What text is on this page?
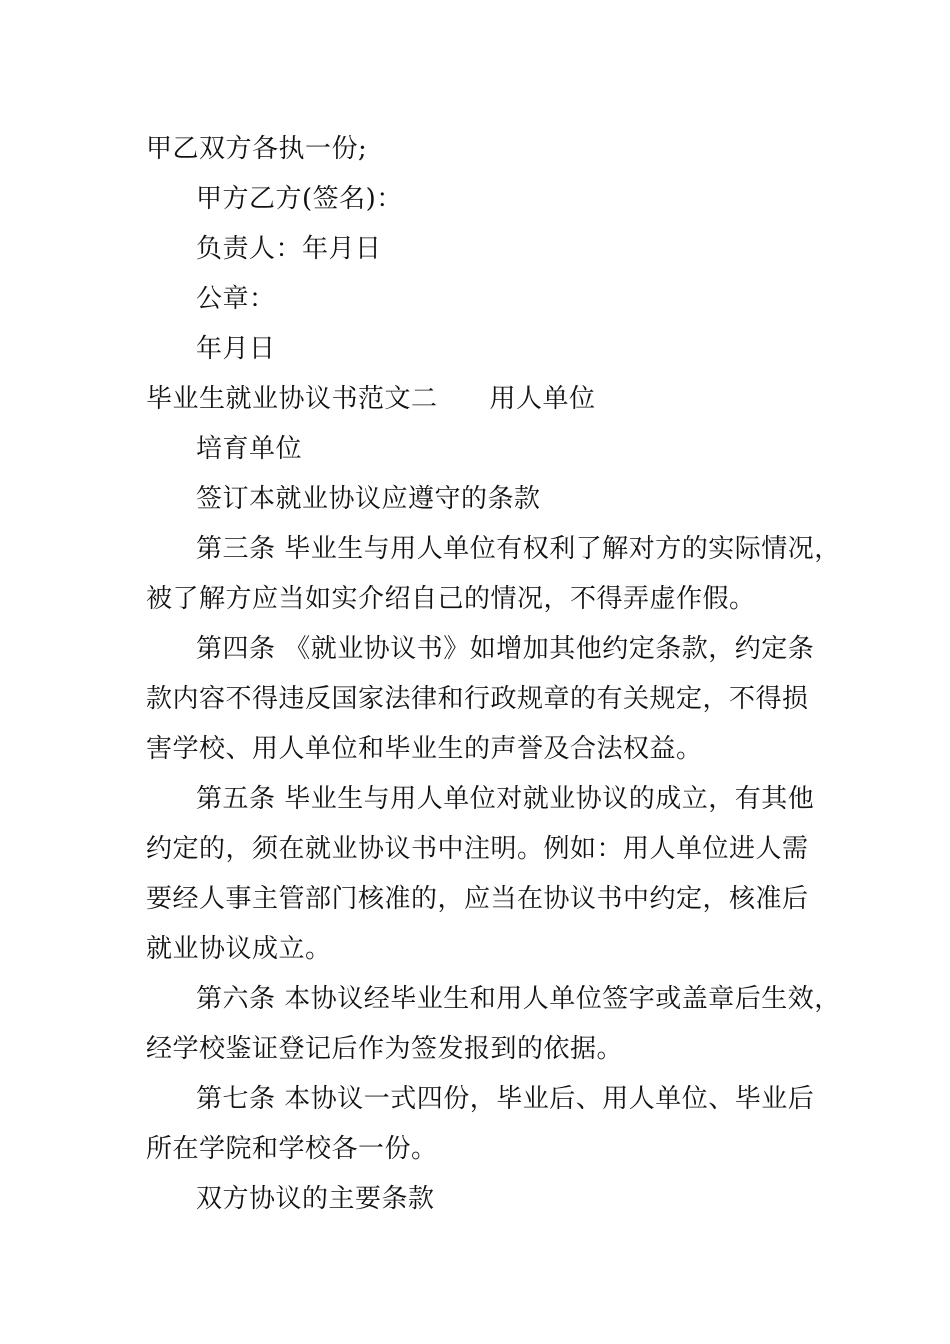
甲乙双方各执一份;
甲方乙方(签名)：
负责人：年月日
公章：
年月日
毕业生就业协议书范文二 用人单位
培育单位
签订本就业协议应遵守的条款
第三条 毕业生与用人单位有权利了解对方的实际情况，
被了解方应当如实介绍自己的情况，不得弄虚作假。
第四条 《就业协议书》如增加其他约定条款，约定条
款内容不得违反国家法律和行政规章的有关规定，不得损
害学校、用人单位和毕业生的声誉及合法权益。
第五条 毕业生与用人单位对就业协议的成立，有其他
约定的，须在就业协议书中注明。例如：用人单位进人需
要经人事主管部门核准的，应当在协议书中约定，核准后
就业协议成立。
第六条 本协议经毕业生和用人单位签字或盖章后生效，
经学校鉴证登记后作为签发报到的依据。
第七条 本协议一式四份，毕业后、用人单位、毕业后
所在学院和学校各一份。
双方协议的主要条款
